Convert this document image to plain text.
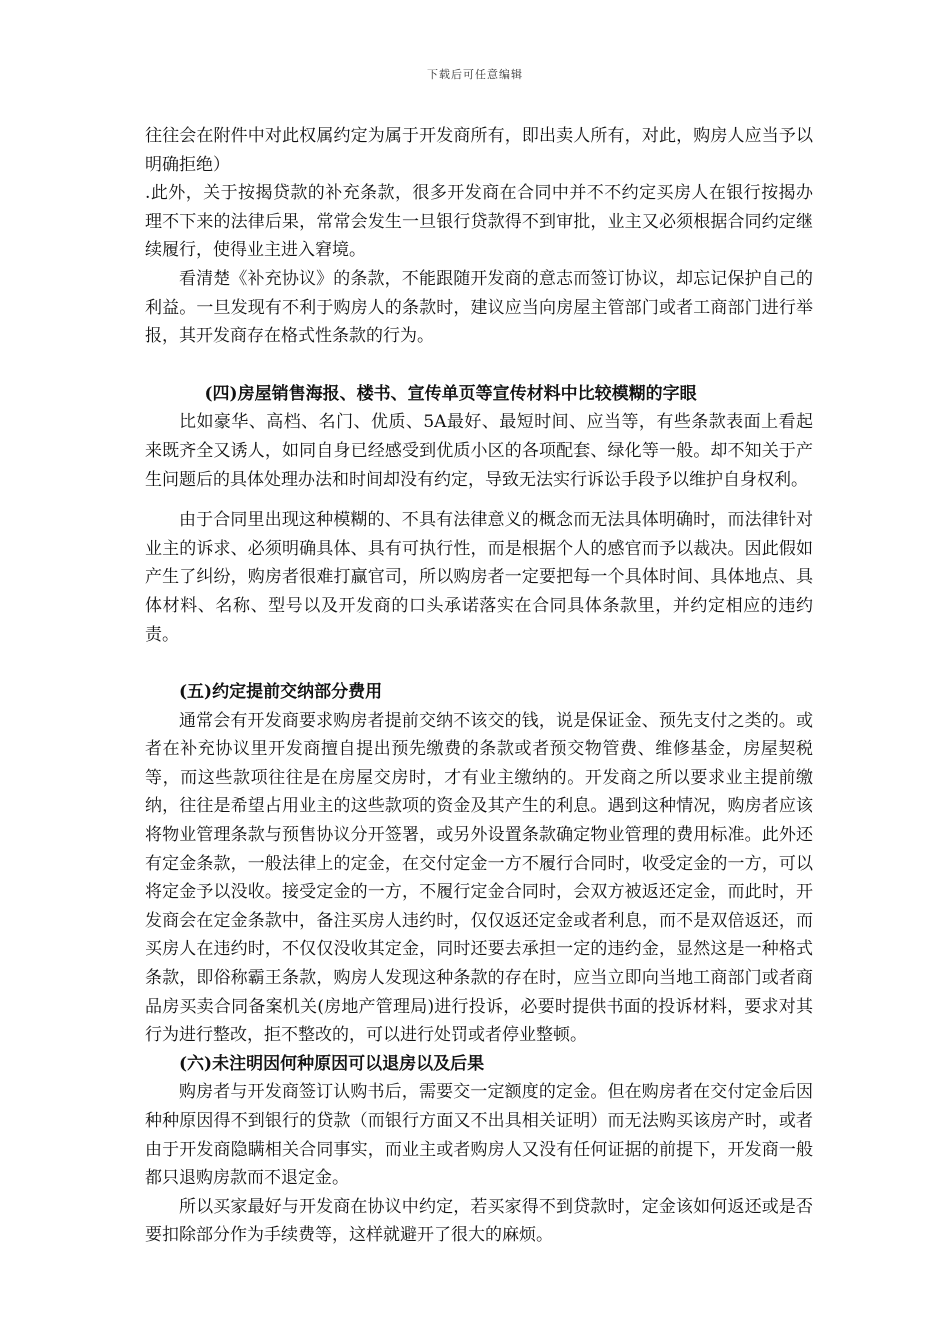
下载后可任意编辑

往往会在附件中对此权属约定为属于开发商所有，即出卖人所有，对此，购房人应当予以明确拒绝）

.此外，关于按揭贷款的补充条款，很多开发商在合同中并不不约定买房人在银行按揭办理不下来的法律后果，常常会发生一旦银行贷款得不到审批，业主又必须根据合同约定继续履行，使得业主进入窘境。

看清楚《补充协议》的条款，不能跟随开发商的意志而签订协议，却忘记保护自己的利益。一旦发现有不利于购房人的条款时，建议应当向房屋主管部门或者工商部门进行举报，其开发商存在格式性条款的行为。

(四)房屋销售海报、楼书、宣传单页等宣传材料中比较模糊的字眼

比如豪华、高档、名门、优质、5A最好、最短时间、应当等，有些条款表面上看起来既齐全又诱人，如同自身已经感受到优质小区的各项配套、绿化等一般。却不知关于产生问题后的具体处理办法和时间却没有约定，导致无法实行诉讼手段予以维护自身权利。

由于合同里出现这种模糊的、不具有法律意义的概念而无法具体明确时，而法律针对业主的诉求、必须明确具体、具有可执行性，而是根据个人的感官而予以裁决。因此假如产生了纠纷，购房者很难打赢官司，所以购房者一定要把每一个具体时间、具体地点、具体材料、名称、型号以及开发商的口头承诺落实在合同具体条款里，并约定相应的违约责。

(五)约定提前交纳部分费用

通常会有开发商要求购房者提前交纳不该交的钱，说是保证金、预先支付之类的。或者在补充协议里开发商擅自提出预先缴费的条款或者预交物管费、维修基金，房屋契税等，而这些款项往往是在房屋交房时，才有业主缴纳的。开发商之所以要求业主提前缴纳，往往是希望占用业主的这些款项的资金及其产生的利息。遇到这种情况，购房者应该将物业管理条款与预售协议分开签署，或另外设置条款确定物业管理的费用标准。此外还有定金条款，一般法律上的定金，在交付定金一方不履行合同时，收受定金的一方，可以将定金予以没收。接受定金的一方，不履行定金合同时，会双方被返还定金，而此时，开发商会在定金条款中，备注买房人违约时，仅仅返还定金或者利息，而不是双倍返还，而买房人在违约时，不仅仅没收其定金，同时还要去承担一定的违约金，显然这是一种格式条款，即俗称霸王条款，购房人发现这种条款的存在时，应当立即向当地工商部门或者商品房买卖合同备案机关(房地产管理局)进行投诉，必要时提供书面的投诉材料，要求对其行为进行整改，拒不整改的，可以进行处罚或者停业整顿。

(六)未注明因何种原因可以退房以及后果

购房者与开发商签订认购书后，需要交一定额度的定金。但在购房者在交付定金后因种种原因得不到银行的贷款（而银行方面又不出具相关证明）而无法购买该房产时，或者由于开发商隐瞒相关合同事实，而业主或者购房人又没有任何证据的前提下，开发商一般都只退购房款而不退定金。

所以买家最好与开发商在协议中约定，若买家得不到贷款时，定金该如何返还或是否要扣除部分作为手续费等，这样就避开了很大的麻烦。
